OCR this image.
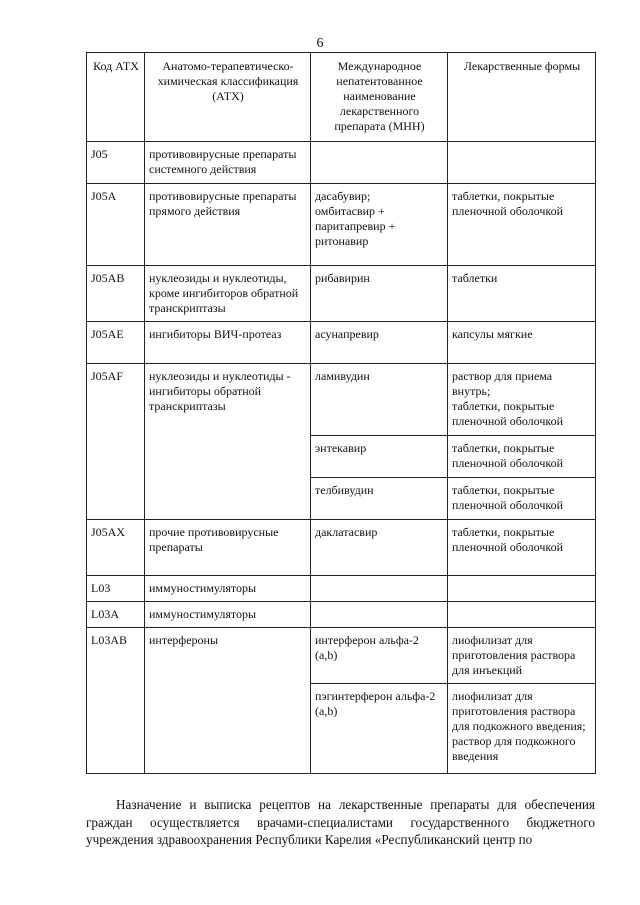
6
Код АТХ	Анатомо-терапевтическо-химическая классификация (АТХ)	Международное непатентованное наименование лекарственного препарата (МНН)	Лекарственные формы
J05	противовирусные препараты системного действия		
J05A	противовирусные препараты прямого действия	дасабувир;
омбитасвир +
паритапревир +
ритонавир	таблетки, покрытые пленочной оболочкой
J05AB	нуклеозиды и нуклеотиды, кроме ингибиторов обратной транскриптазы	рибавирин	таблетки
J05AE	ингибиторы ВИЧ-протеаз	асунапревир	капсулы мягкие
J05AF	нуклеозиды и нуклеотиды - ингибиторы обратной транскриптазы	ламивудин	раствор для приема внутрь;
таблетки, покрытые пленочной оболочкой
		энтекавир	таблетки, покрытые пленочной оболочкой
		телбивудин	таблетки, покрытые пленочной оболочкой
J05AX	прочие противовирусные препараты	даклатасвир	таблетки, покрытые пленочной оболочкой
L03	иммуностимуляторы		
L03A	иммуностимуляторы		
L03AB	интерфероны	интерферон альфа-2 (a,b)	лиофилизат для приготовления раствора для инъекций
		пэгинтерферон альфа-2 (a,b)	лиофилизат для приготовления раствора для подкожного введения;
раствор для подкожного введения

Назначение и выписка рецептов на лекарственные препараты для обеспечения граждан осуществляется врачами-специалистами государственного бюджетного учреждения здравоохранения Республики Карелия «Республиканский центр по
